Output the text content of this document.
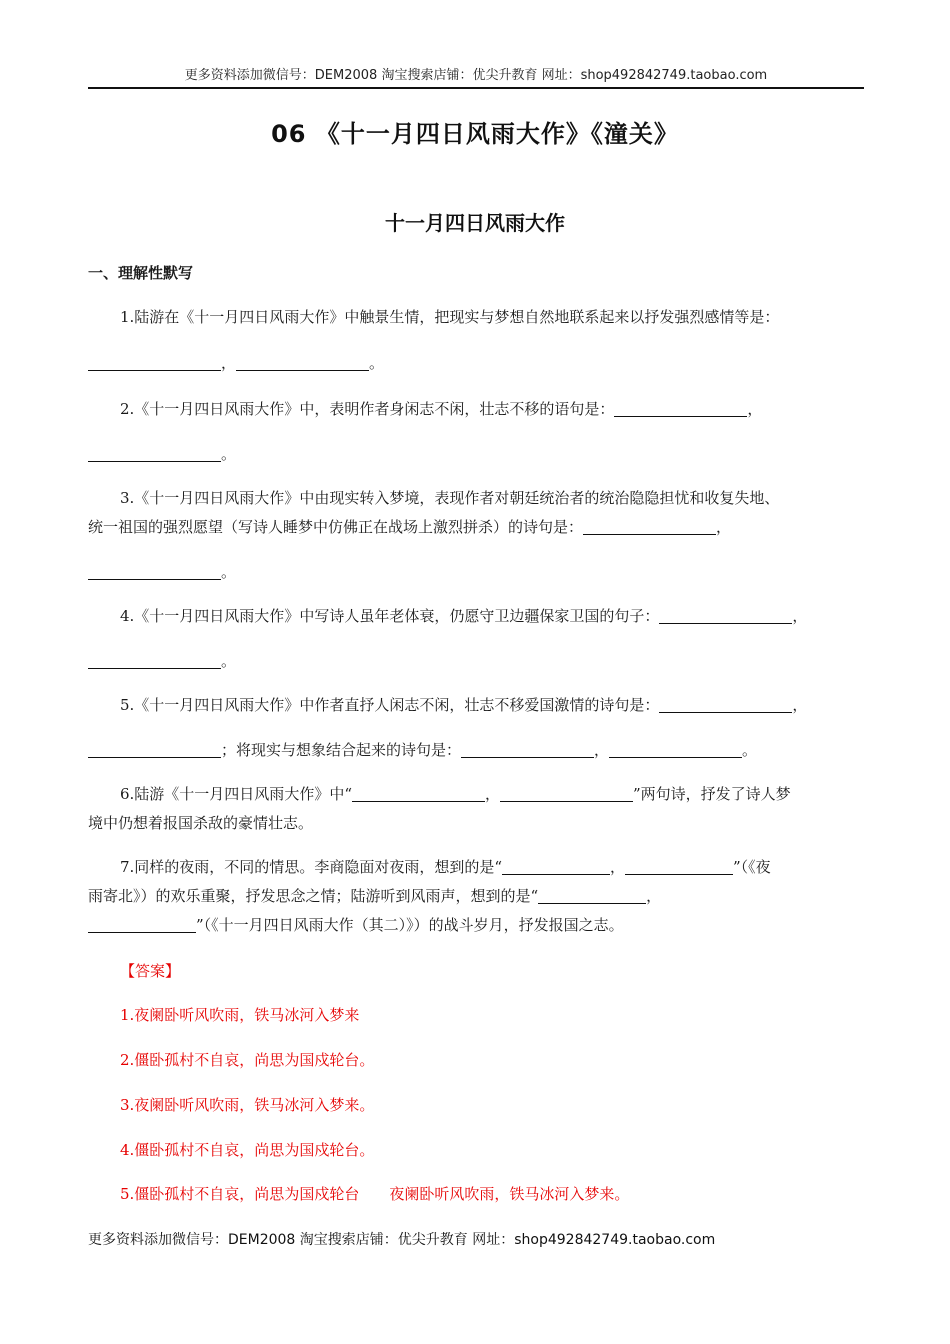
更多资料添加微信号：DEM2008 淘宝搜索店铺：优尖升教育 网址：shop492842749.taobao.com
06 《十一月四日风雨大作》《潼关》
十一月四日风雨大作
一、理解性默写
1.陆游在《十一月四日风雨大作》中触景生情，把现实与梦想自然地联系起来以抒发强烈感情等是：
，	。
2.《十一月四日风雨大作》中，表明作者身闲志不闲，壮志不移的语句是：	，
。
3.《十一月四日风雨大作》中由现实转入梦境，表现作者对朝廷统治者的统治隐隐担忧和收复失地、
统一祖国的强烈愿望（写诗人睡梦中仿佛正在战场上激烈拼杀）的诗句是：	，
。
4.《十一月四日风雨大作》中写诗人虽年老体衰，仍愿守卫边疆保家卫国的句子：	，
。
5.《十一月四日风雨大作》中作者直抒人闲志不闲，壮志不移爱国激情的诗句是：	，
；将现实与想象结合起来的诗句是：	，	。
6.陆游《十一月四日风雨大作》中“	，	”两句诗，抒发了诗人梦
境中仍想着报国杀敌的豪情壮志。
7.同样的夜雨，不同的情思。李商隐面对夜雨，想到的是“	，	”（《夜
雨寄北》）的欢乐重聚，抒发思念之情；陆游听到风雨声，想到的是“	，
”（《十一月四日风雨大作（其二）》）的战斗岁月，抒发报国之志。
【答案】
1.夜阑卧听风吹雨，铁马冰河入梦来
2.僵卧孤村不自哀，尚思为国戍轮台。
3.夜阑卧听风吹雨，铁马冰河入梦来。
4.僵卧孤村不自哀，尚思为国戍轮台。
5.僵卧孤村不自哀，尚思为国戍轮台　　夜阑卧听风吹雨，铁马冰河入梦来。
更多资料添加微信号：DEM2008 淘宝搜索店铺：优尖升教育 网址：shop492842749.taobao.com
